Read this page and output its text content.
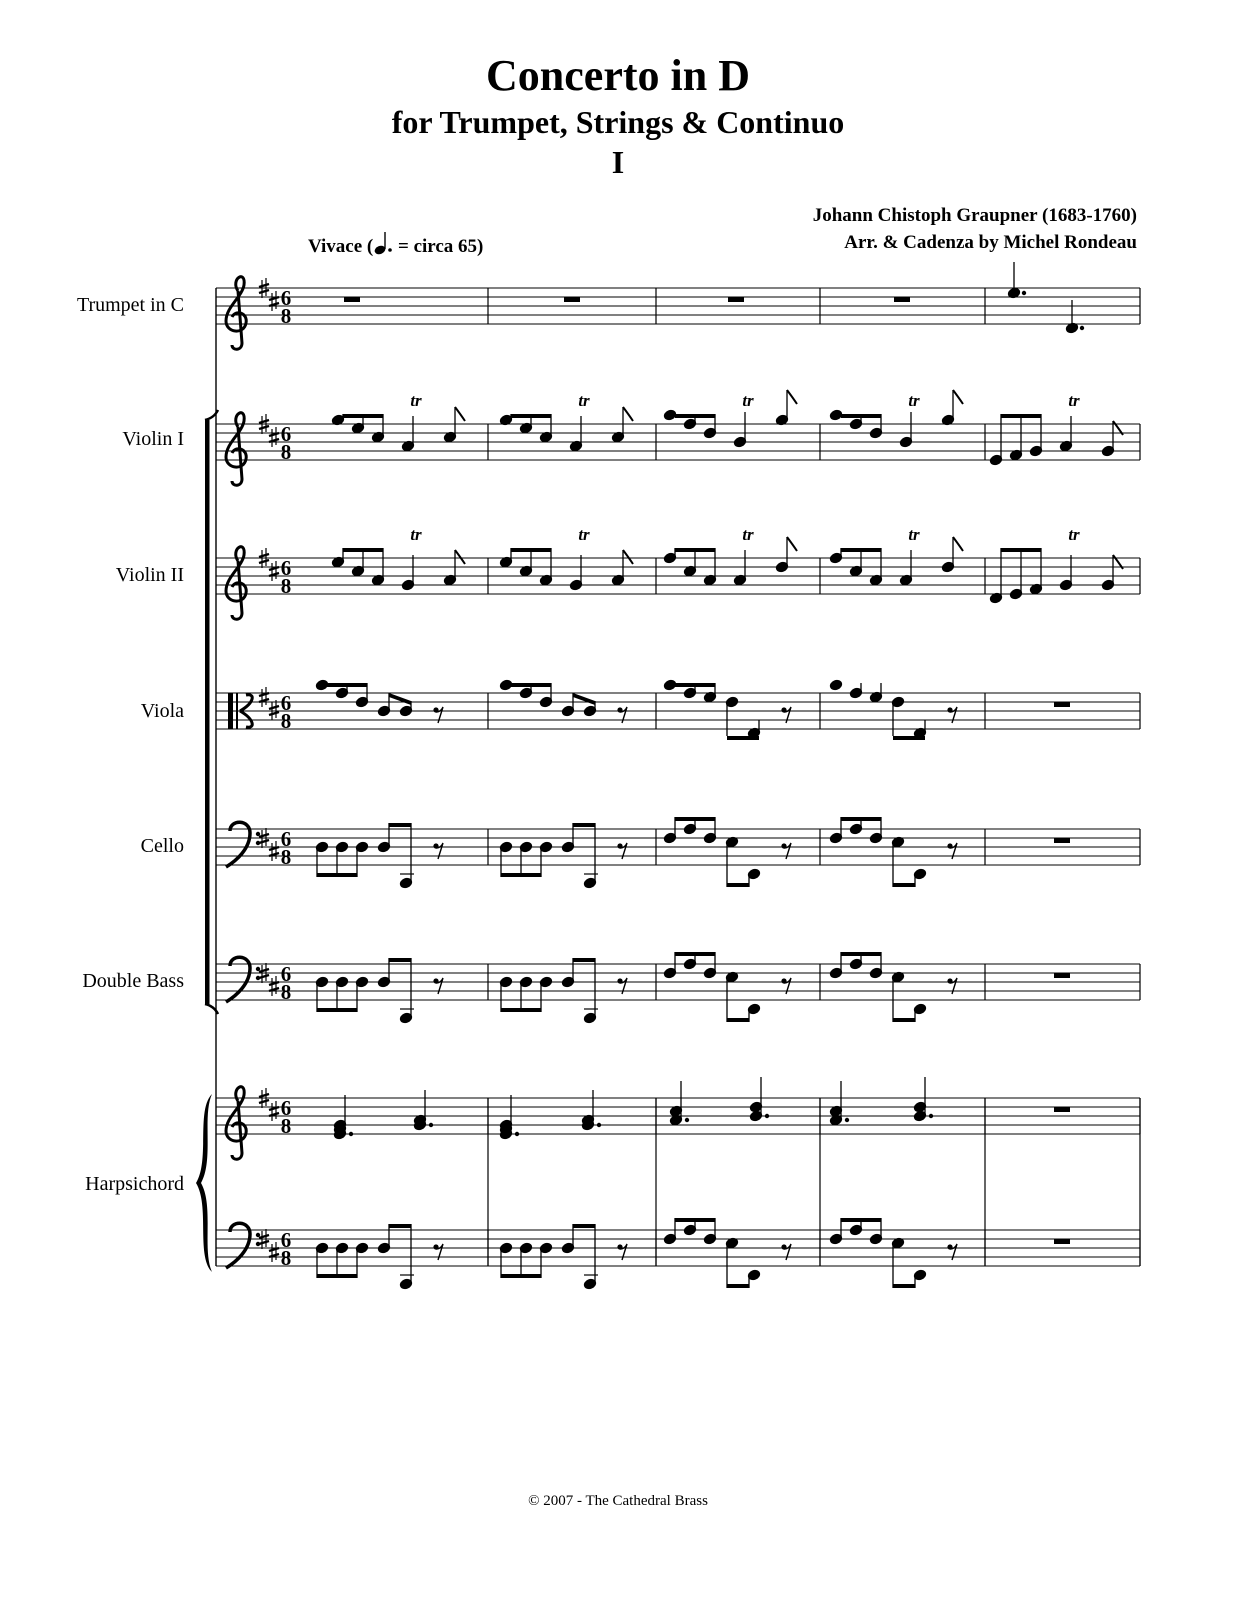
Concerto in D
for Trumpet, Strings & Continuo
I
Johann Chistoph Graupner (1683-1760)
Arr. & Cadenza by Michel Rondeau
Vivace ( = circa 65)
Trumpet in C
Violin I
Violin II
Viola
Cello
Double Bass
Harpsichord
6
8
6
8
6
8
6
8
6
8
6
8
6
8
6
8
tr	tr	tr	tr	tr
tr	tr	tr	tr	tr
© 2007 - The Cathedral Brass
